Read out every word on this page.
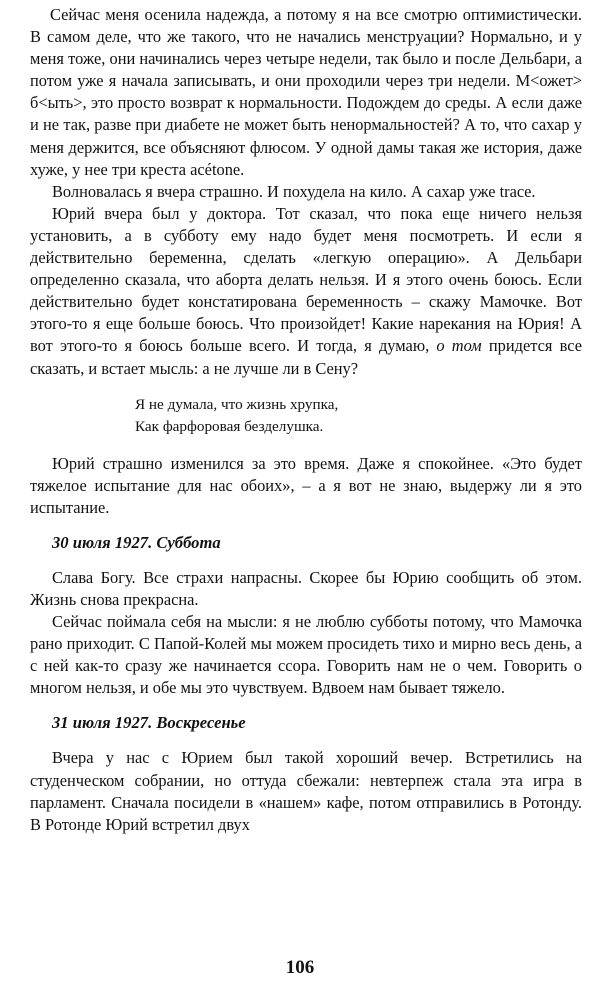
Сейчас меня осенила надежда, а потому я на все смотрю оптимистически. В самом деле, что же такого, что не начались менструации? Нормально, и у меня тоже, они начинались через четыре недели, так было и после Дельбари, а потом уже я начала записывать, и они проходили через три недели. М<ожет> б<ыть>, это просто возврат к нормальности. Подождем до среды. А если даже и не так, разве при диабете не может быть ненормальностей? А то, что сахар у меня держится, все объясняют флюсом. У одной дамы такая же история, даже хуже, у нее три креста acétone.

Волновалась я вчера страшно. И похудела на кило. А сахар уже trace.

Юрий вчера был у доктора. Тот сказал, что пока еще ничего нельзя установить, а в субботу ему надо будет меня посмотреть. И если я действительно беременна, сделать «легкую операцию». А Дельбари определенно сказала, что аборта делать нельзя. И я этого очень боюсь. Если действительно будет констатирована беременность – скажу Мамочке. Вот этого-то я еще больше боюсь. Что произойдет! Какие нарекания на Юрия! А вот этого-то я боюсь больше всего. И тогда, я думаю, о том придется все сказать, и встает мысль: а не лучше ли в Сену?

Я не думала, что жизнь хрупка,
Как фарфоровая безделушка.

Юрий страшно изменился за это время. Даже я спокойнее. «Это будет тяжелое испытание для нас обоих», – а я вот не знаю, выдержу ли я это испытание.

30 июля 1927. Суббота

Слава Богу. Все страхи напрасны. Скорее бы Юрию сообщить об этом. Жизнь снова прекрасна.

Сейчас поймала себя на мысли: я не люблю субботы потому, что Мамочка рано приходит. С Папой-Колей мы можем просидеть тихо и мирно весь день, а с ней как-то сразу же начинается ссора. Говорить нам не о чем. Говорить о многом нельзя, и обе мы это чувствуем. Вдвоем нам бывает тяжело.

31 июля 1927. Воскресенье

Вчера у нас с Юрием был такой хороший вечер. Встретились на студенческом собрании, но оттуда сбежали: невтерпеж стала эта игра в парламент. Сначала посидели в «нашем» кафе, потом отправились в Ротонду. В Ротонде Юрий встретил двух

106
